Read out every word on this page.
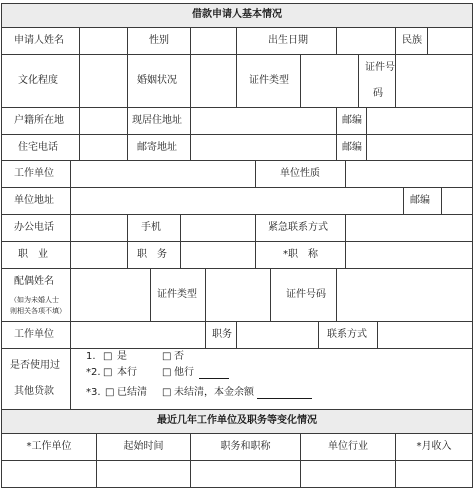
借款申请人基本情况
申请人姓名	性别	出生日期	民族
文化程度	婚姻状况	证件类型
证件号
码
户籍所在地	现居住地址	邮编
住宅电话	邮寄地址	邮编
工作单位	单位性质
单位地址	邮编
办公电话	手机	紧急联系方式
职　业	职　务	*职　称
配偶姓名
（如为未婚人士
则相关各项不填）
证件类型	证件号码
工作单位	职务	联系方式
是否使用过
其他贷款
1. □ 是	□ 否
*2. □ 本行	□ 他行
*3. □ 已结清 □ 未结清，本金余额
最近几年工作单位及职务等变化情况
*工作单位	起始时间	职务和职称	单位行业	*月收入
